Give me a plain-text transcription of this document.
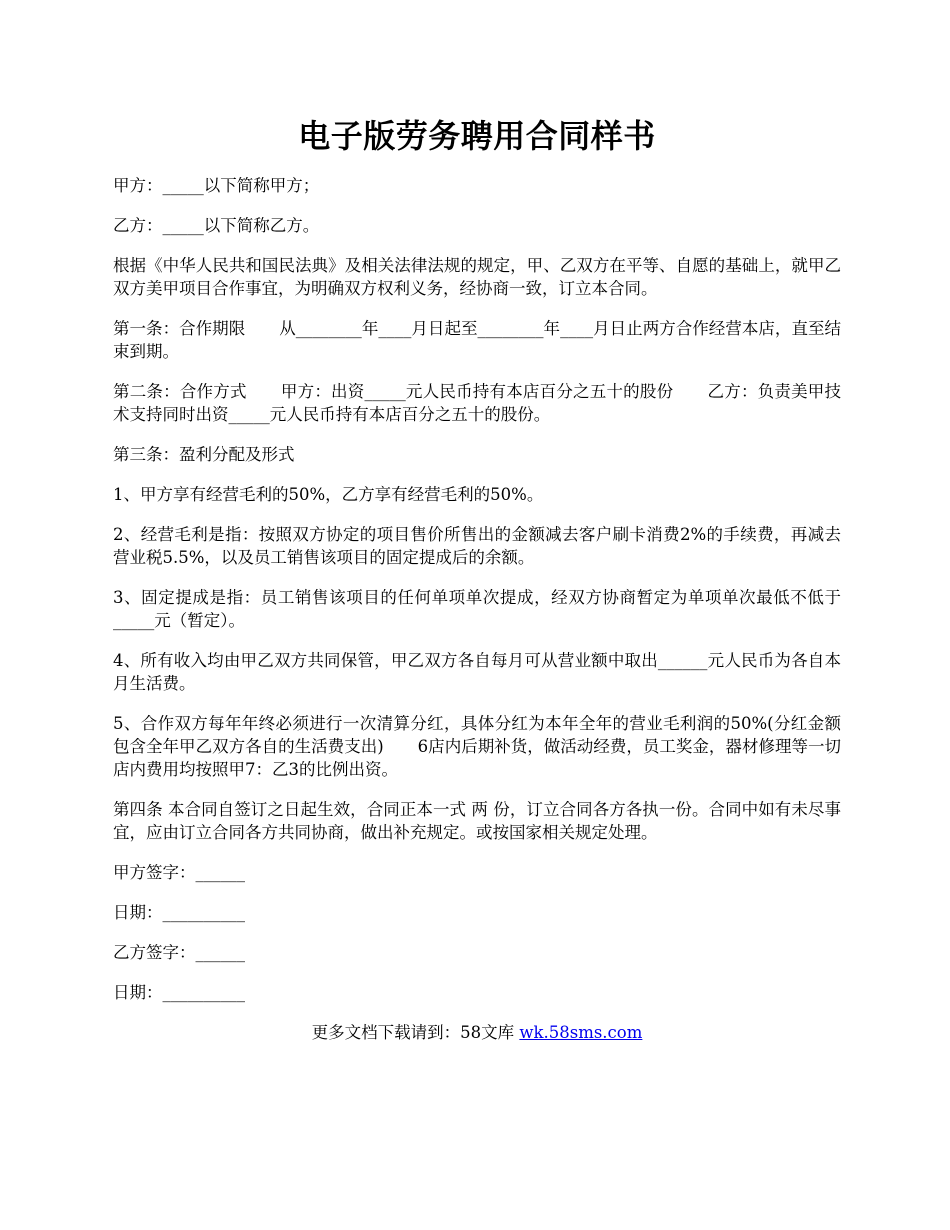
电子版劳务聘用合同样书

甲方：_____以下简称甲方；

乙方：_____以下简称乙方。

根据《中华人民共和国民法典》及相关法律法规的规定，甲、乙双方在平等、自愿的基础上，就甲乙双方美甲项目合作事宜，为明确双方权利义务，经协商一致，订立本合同。

第一条：合作期限 从________年____月日起至________年____月日止两方合作经营本店，直至结束到期。

第二条：合作方式 甲方：出资_____元人民币持有本店百分之五十的股份 乙方：负责美甲技术支持同时出资_____元人民币持有本店百分之五十的股份。

第三条：盈利分配及形式

1、甲方享有经营毛利的50%，乙方享有经营毛利的50%。

2、经营毛利是指：按照双方协定的项目售价所售出的金额减去客户刷卡消费2%的手续费，再减去营业税5.5%，以及员工销售该项目的固定提成后的余额。

3、固定提成是指：员工销售该项目的任何单项单次提成，经双方协商暂定为单项单次最低不低于_____元（暂定）。

4、所有收入均由甲乙双方共同保管，甲乙双方各自每月可从营业额中取出______元人民币为各自本月生活费。

5、合作双方每年年终必须进行一次清算分红，具体分红为本年全年的营业毛利润的50%(分红金额包含全年甲乙双方各自的生活费支出) 6店内后期补货，做活动经费，员工奖金，器材修理等一切店内费用均按照甲7：乙3的比例出资。

第四条 本合同自签订之日起生效，合同正本一式 两 份，订立合同各方各执一份。合同中如有未尽事宜，应由订立合同各方共同协商，做出补充规定。或按国家相关规定处理。

甲方签字：______

日期：__________

乙方签字：______

日期：__________

更多文档下载请到：58文库 wk.58sms.com
